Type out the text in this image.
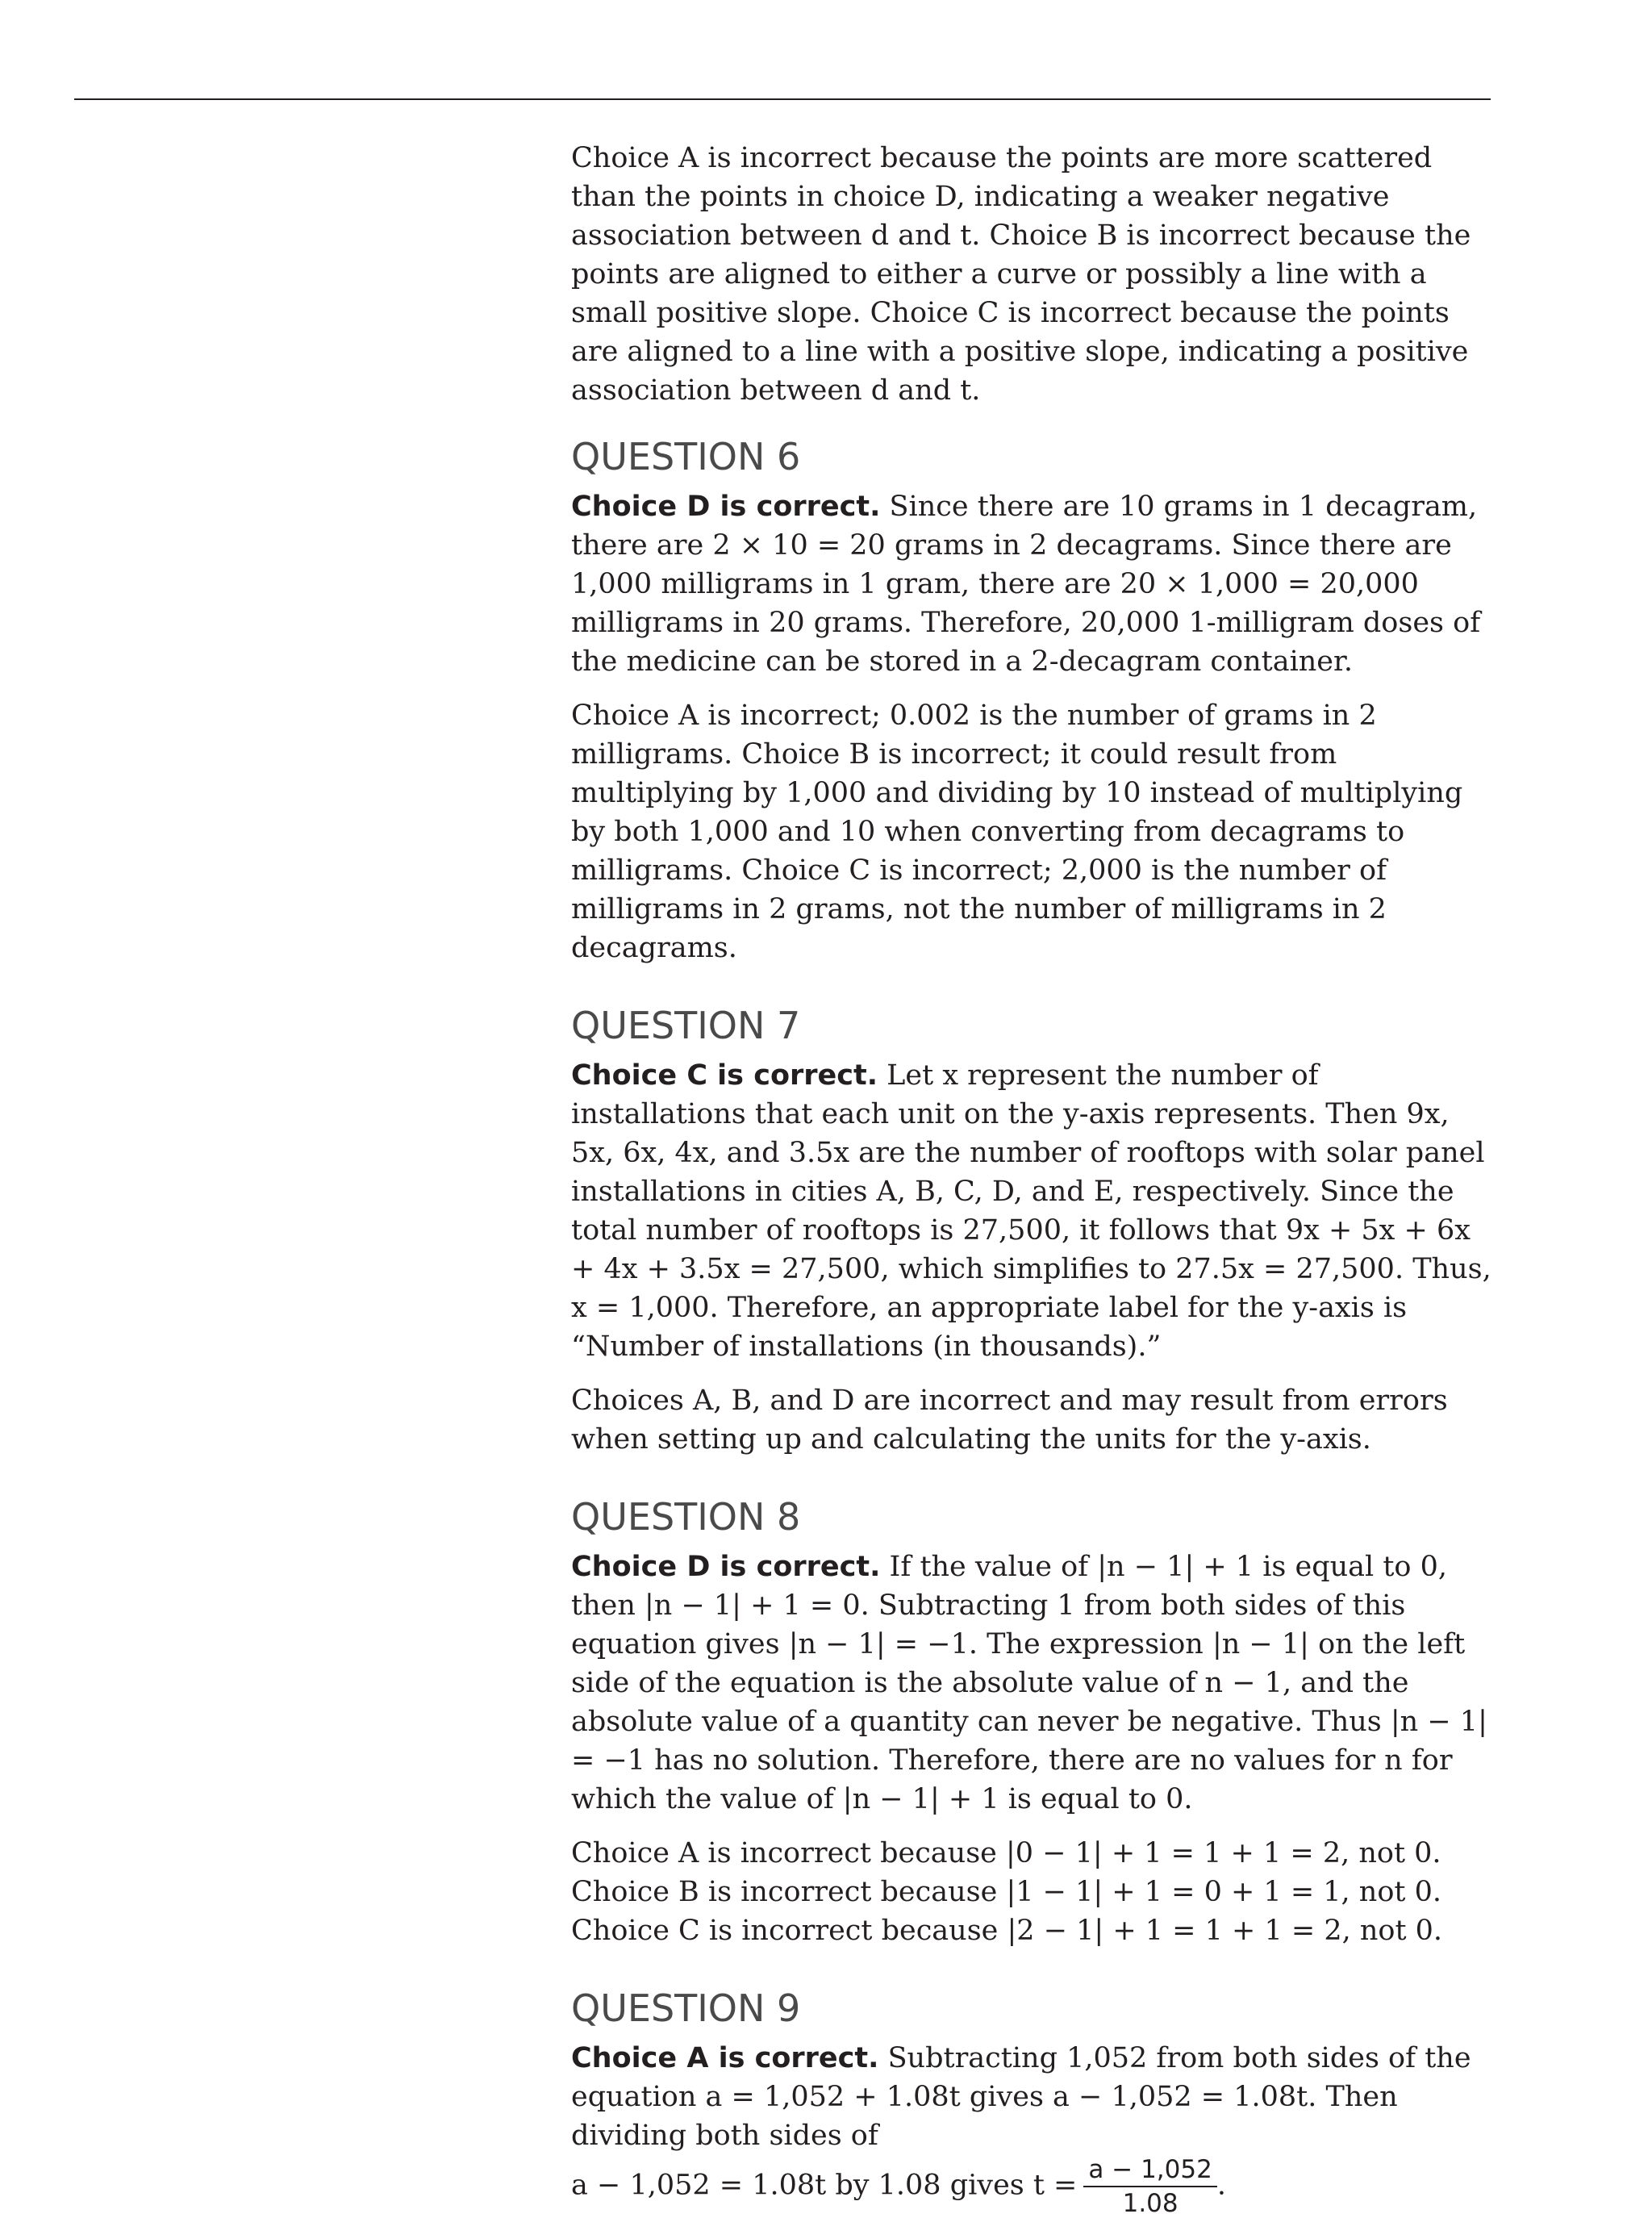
Choice A is incorrect because the points are more scattered than the points in choice D, indicating a weaker negative association between d and t. Choice B is incorrect because the points are aligned to either a curve or possibly a line with a small positive slope. Choice C is incorrect because the points are aligned to a line with a positive slope, indicating a positive association between d and t.

QUESTION 6

Choice D is correct. Since there are 10 grams in 1 decagram, there are 2 × 10 = 20 grams in 2 decagrams. Since there are 1,000 milligrams in 1 gram, there are 20 × 1,000 = 20,000 milligrams in 20 grams. Therefore, 20,000 1-milligram doses of the medicine can be stored in a 2-decagram container.

Choice A is incorrect; 0.002 is the number of grams in 2 milligrams. Choice B is incorrect; it could result from multiplying by 1,000 and dividing by 10 instead of multiplying by both 1,000 and 10 when converting from decagrams to milligrams. Choice C is incorrect; 2,000 is the number of milligrams in 2 grams, not the number of milligrams in 2 decagrams.

QUESTION 7

Choice C is correct. Let x represent the number of installations that each unit on the y-axis represents. Then 9x, 5x, 6x, 4x, and 3.5x are the number of rooftops with solar panel installations in cities A, B, C, D, and E, respectively. Since the total number of rooftops is 27,500, it follows that 9x + 5x + 6x + 4x + 3.5x = 27,500, which simplifies to 27.5x = 27,500. Thus, x = 1,000. Therefore, an appropriate label for the y-axis is “Number of installations (in thousands).”

Choices A, B, and D are incorrect and may result from errors when setting up and calculating the units for the y-axis.

QUESTION 8

Choice D is correct. If the value of |n − 1| + 1 is equal to 0, then |n − 1| + 1 = 0. Subtracting 1 from both sides of this equation gives |n − 1| = −1. The expression |n − 1| on the left side of the equation is the absolute value of n − 1, and the absolute value of a quantity can never be negative. Thus |n − 1| = −1 has no solution. Therefore, there are no values for n for which the value of |n − 1| + 1 is equal to 0.

Choice A is incorrect because |0 − 1| + 1 = 1 + 1 = 2, not 0. Choice B is incorrect because |1 − 1| + 1 = 0 + 1 = 1, not 0. Choice C is incorrect because |2 − 1| + 1 = 1 + 1 = 2, not 0.

QUESTION 9

Choice A is correct. Subtracting 1,052 from both sides of the equation a = 1,052 + 1.08t gives a − 1,052 = 1.08t. Then dividing both sides of

a − 1,052 = 1.08t by 1.08 gives $t = \frac{a - 1,052}{1.08}$ .
